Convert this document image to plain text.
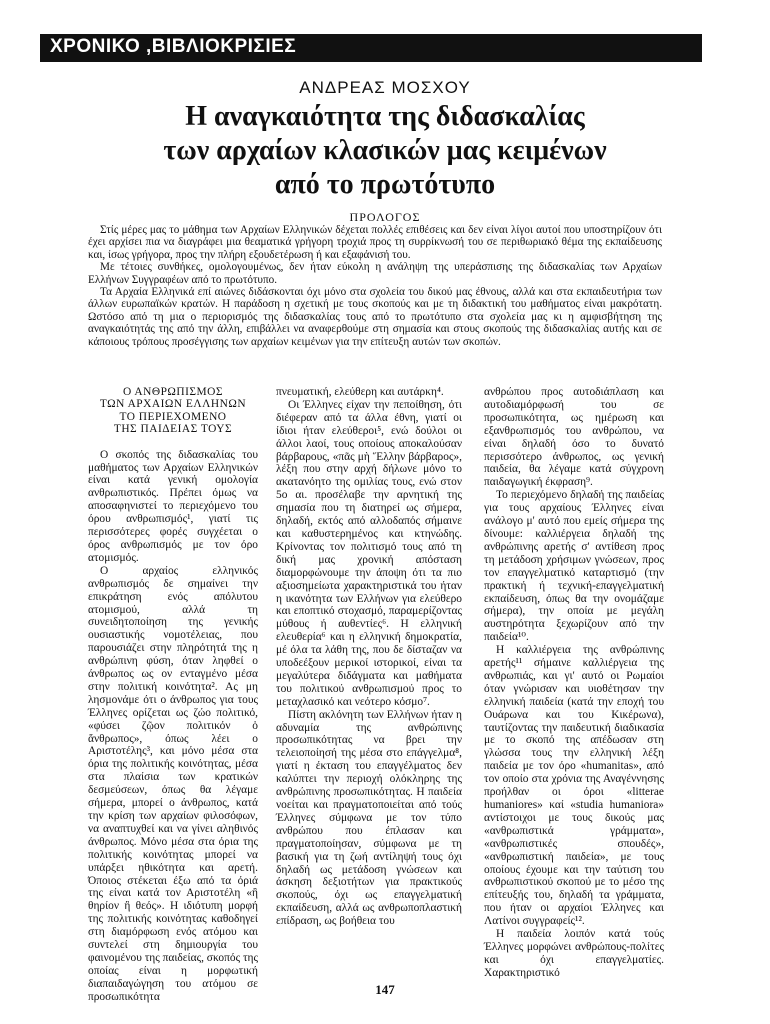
ΧΡΟΝΙΚΟ ,ΒΙΒΛΙΟΚΡΙΣΙΕΣ
ΑΝΔΡΕΑΣ ΜΟΣΧΟΥ
Η αναγκαιότητα της διδασκαλίας
των αρχαίων κλασικών μας κειμένων
από το πρωτότυπο
ΠΡΟΛΟΓΟΣ

Στίς μέρες μας το μάθημα των Αρχαίων Ελληνικών δέχεται πολλές επιθέσεις και δεν είναι λίγοι αυτοί που υποστηρίζουν ότι έχει αρχίσει πια να διαγράφει μια θεαματικά γρήγορη τροχιά προς τη συρρίκνωσή του σε περιθωριακό θέμα της εκπαίδευσης και, ίσως γρήγορα, προς την πλήρη εξουδετέρωση ή και εξαφάνισή του.

Με τέτοιες συνθήκες, ομολογουμένως, δεν ήταν εύκολη η ανάληψη της υπεράσπισης της διδασκαλίας των Αρχαίων Ελλήνων Συγγραφέων από το πρωτότυπο.

Τα Αρχαία Ελληνικά επί αιώνες διδάσκονται όχι μόνο στα σχολεία του δικού μας έθνους, αλλά και στα εκπαιδευτήρια των άλλων ευρωπαϊκών κρατών. Η παράδοση η σχετική με τους σκοπούς και με τη διδακτική του μαθήματος είναι μακρότατη. Ωστόσο από τη μια ο περιορισμός της διδασκαλίας τους από το πρωτότυπο στα σχολεία μας κι η αμφισβήτηση της αναγκαιότητάς της από την άλλη, επιβάλλει να αναφερθούμε στη σημασία και στους σκοπούς της διδασκαλίας αυτής και σε κάποιους τρόπους προσέγγισης των αρχαίων κειμένων για την επίτευξη αυτών των σκοπών.

Ο ΑΝΘΡΩΠΙΣΜΟΣ
ΤΩΝ ΑΡΧΑΙΩΝ ΕΛΛΗΝΩΝ
ΤΟ ΠΕΡΙΕΧΟΜΕΝΟ
ΤΗΣ ΠΑΙΔΕΙΑΣ ΤΟΥΣ

Ο σκοπός της διδασκαλίας του μαθήματος των Αρχαίων Ελληνικών είναι κατά γενική ομολογία ανθρωπιστικός. Πρέπει όμως να αποσαφηνιστεί το περιεχόμενο του όρου ανθρωπισμός¹, γιατί τις περισσότερες φορές συγχέεται ο όρος ανθρωπισμός με τον όρο ατομισμός.

Ο αρχαίος ελληνικός ανθρωπισμός δε σημαίνει την επικράτηση ενός απόλυτου ατομισμού, αλλά τη συνειδητοποίηση της γενικής ουσιαστικής νομοτέλειας, που παρουσιάζει στην πληρότητά της η ανθρώπινη φύση, όταν ληφθεί ο άνθρωπος ως ον ενταγμένο μέσα στην πολιτική κοινότητα². Ας μη λησμονάμε ότι ο άνθρωπος για τους Έλληνες ορίζεται ως ζώο πολιτικό, «φύσει ζῷον πολιτικόν ὁ ἄνθρωπος», όπως λέει ο Αριστοτέλης³, και μόνο μέσα στα όρια της πολιτικής κοινότητας, μέσα στα πλαίσια των κρατικών δεσμεύσεων, όπως θα λέγαμε σήμερα, μπορεί ο άνθρωπος, κατά την κρίση των αρχαίων φιλοσόφων, να αναπτυχθεί και να γίνει αληθινός άνθρωπος. Μόνο μέσα στα όρια της πολιτικής κοινότητας μπορεί να υπάρξει ηθικότητα και αρετή. Όποιος στέκεται έξω από τα όριά της είναι κατά τον Αριστοτέλη «ἢ θηρίον ἢ θεός». Η ιδιότυπη μορφή της πολιτικής κοινότητας καθοδηγεί στη διαμόρφωση ενός ατόμου και συντελεί στη δημιουργία του φαινομένου της παιδείας, σκοπός της οποίας είναι η μορφωτική διαπαιδαγώγηση του ατόμου σε προσωπικότητα

πνευματική, ελεύθερη και αυτάρκη⁴.

Οι Έλληνες είχαν την πεποίθηση, ότι διέφεραν από τα άλλα έθνη, γιατί οι ίδιοι ήταν ελεύθεροι⁵, ενώ δούλοι οι άλλοι λαοί, τους οποίους αποκαλούσαν βάρβαρους, «πᾶς μὴ Ἕλλην βάρβαρος», λέξη που στην αρχή δήλωνε μόνο το ακατανόητο της ομιλίας τους, ενώ στον 5ο αι. προσέλαβε την αρνητική της σημασία που τη διατηρεί ως σήμερα, δηλαδή, εκτός από αλλοδαπός σήμαινε και καθυστερημένος και κτηνώδης. Κρίνοντας τον πολιτισμό τους από τη δική μας χρονική απόσταση διαμορφώνουμε την άποψη ότι τα πιο αξιοσημείωτα χαρακτηριστικά του ήταν η ικανότητα των Ελλήνων για ελεύθερο και εποπτικό στοχασμό, παραμερίζοντας μύθους ή αυθεντίες⁶. Η ελληνική ελευθερία⁶ και η ελληνική δημοκρατία, μέ όλα τα λάθη της, που δε δίσταζαν να υποδεέξουν μερικοί ιστορικοί, είναι τα μεγαλύτερα διδάγματα και μαθήματα του πολιτικού ανθρωπισμού προς το μεταχλασικό και νεότερο κόσμο⁷.

Πίστη ακλόνητη των Ελλήνων ήταν η αδυναμία της ανθρώπινης προσωπικότητας να βρει την τελειοποίησή της μέσα στο επάγγελμα⁸, γιατί η έκταση του επαγγέλματος δεν καλύπτει την περιοχή ολόκληρης της ανθρώπινης προσωπικότητας. Η παιδεία νοείται και πραγματοποιείται από τούς Έλληνες σύμφωνα με τον τύπο ανθρώπου που έπλασαν και πραγματοποίησαν, σύμφωνα με τη βασική για τη ζωή αντίληψή τους όχι δηλαδή ως μετάδοση γνώσεων και άσκηση δεξιοτήτων για πρακτικούς σκοπούς, όχι ως επαγγελματική εκπαίδευση, αλλά ως ανθρωποπλαστική επίδραση, ως βοήθεια του

ανθρώπου προς αυτοδιάπλαση και αυτοδιαμόρφωσή του σε προσωπικότητα, ως ημέρωση και εξανθρωπισμός του ανθρώπου, να είναι δηλαδή όσο το δυνατό περισσότερο άνθρωπος, ως γενική παιδεία, θα λέγαμε κατά σύγχρονη παιδαγωγική έκφραση⁹.

Το περιεχόμενο δηλαδή της παιδείας για τους αρχαίους Έλληνες είναι ανάλογο μ' αυτό που εμείς σήμερα της δίνουμε: καλλιέργεια δηλαδή της ανθρώπινης αρετής σ' αντίθεση προς τη μετάδοση χρήσιμων γνώσεων, προς τον επαγγελματικό καταρτισμό (την πρακτική ή τεχνική-επαγγελματική εκπαίδευση, όπως θα την ονομάζαμε σήμερα), την οποία με μεγάλη αυστηρότητα ξεχωρίζουν από την παιδεία¹⁰.

Η καλλιέργεια της ανθρώπινης αρετής¹¹ σήμαινε καλλιέργεια της ανθρωπιάς, και γι' αυτό οι Ρωμαίοι όταν γνώρισαν και υιοθέτησαν την ελληνική παιδεία (κατά την εποχή του Ουάρωνα και του Κικέρωνα), ταυτίζοντας την παιδευτική διαδικασία με το σκοπό της απέδωσαν στη γλώσσα τους την ελληνική λέξη παιδεία με τον όρο «humanitas», από τον οποίο στα χρόνια της Αναγέννησης προήλθαν οι όροι «litterae humaniores» καί «studia humaniora» αντίστοιχοι με τους δικούς μας «ανθρωπιστικά γράμματα», «ανθρωπιστικές σπουδές», «ανθρωπιστική παιδεία», με τους οποίους έχουμε και την ταύτιση του ανθρωπιστικού σκοπού με το μέσο της επίτευξής του, δηλαδή τα γράμματα, που ήταν οι αρχαίοι Έλληνες και Λατίνοι συγγραφείς¹².

Η παιδεία λοιπόν κατά τούς Έλληνες μορφώνει ανθρώπους-πολίτες και όχι επαγγελματίες. Χαρακτηριστικό

147
